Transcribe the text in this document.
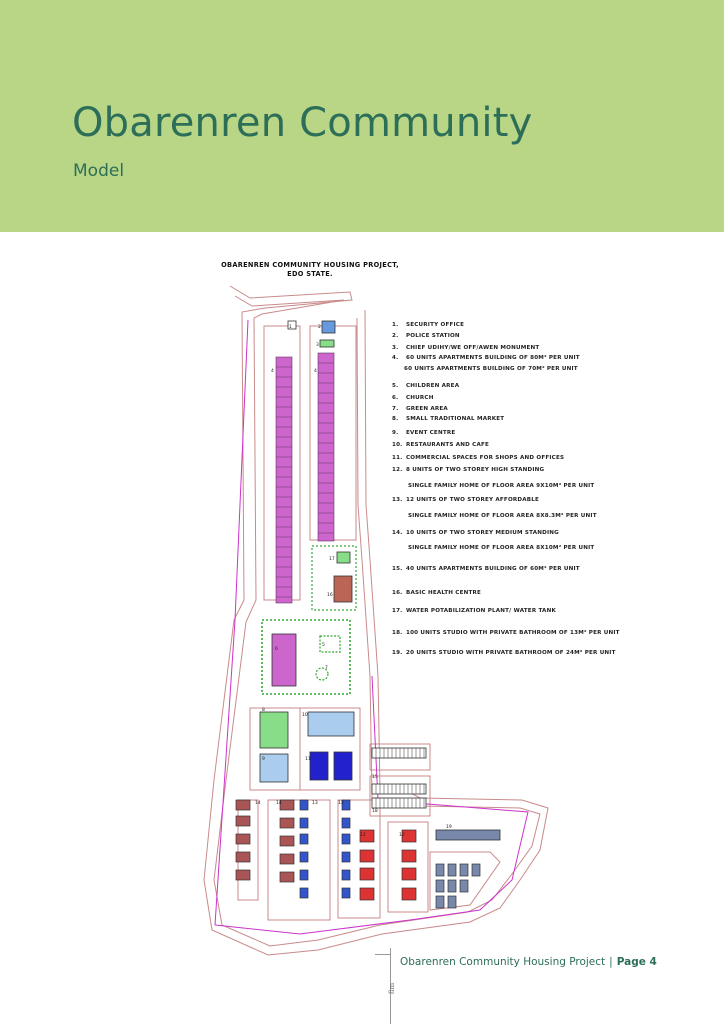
Obarenren Community
Model
OBARENREN COMMUNITY HOUSING PROJECT,
EDO STATE.
1	2
3
4	4
5
6
7
8
9
10
11
12
12
13	13
14	14
15
16
17
18
19
1. SECURITY OFFICE
2. POLICE STATION
3. CHIEF UDIHY/WE OFF/AWEN MONUMENT
4. 60 UNITS APARTMENTS BUILDING OF 80M² PER UNIT
60 UNITS APARTMENTS BUILDING OF 70M² PER UNIT
5. CHILDREN AREA
6. CHURCH
7. GREEN AREA
8. SMALL TRADITIONAL MARKET
9. EVENT CENTRE
10. RESTAURANTS AND CAFE
11. COMMERCIAL SPACES FOR SHOPS AND OFFICES
12. 8 UNITS OF TWO STOREY HIGH STANDING
SINGLE FAMILY HOME OF FLOOR AREA 9X10M² PER UNIT
13. 12 UNITS OF TWO STOREY AFFORDABLE
SINGLE FAMILY HOME OF FLOOR AREA 8X8.3M² PER UNIT
14. 10 UNITS OF TWO STOREY MEDIUM STANDING
SINGLE FAMILY HOME OF FLOOR AREA 8X10M² PER UNIT
15. 40 UNITS APARTMENTS BUILDING OF 60M² PER UNIT
16. BASIC HEALTH CENTRE
17. WATER POTABILIZATION PLANT/ WATER TANK
18. 100 UNITS STUDIO WITH PRIVATE BATHROOM OF 13M² PER UNIT
19. 20 UNITS STUDIO WITH PRIVATE BATHROOM OF 24M² PER UNIT
8m
Obarenren Community Housing Project | Page 4
